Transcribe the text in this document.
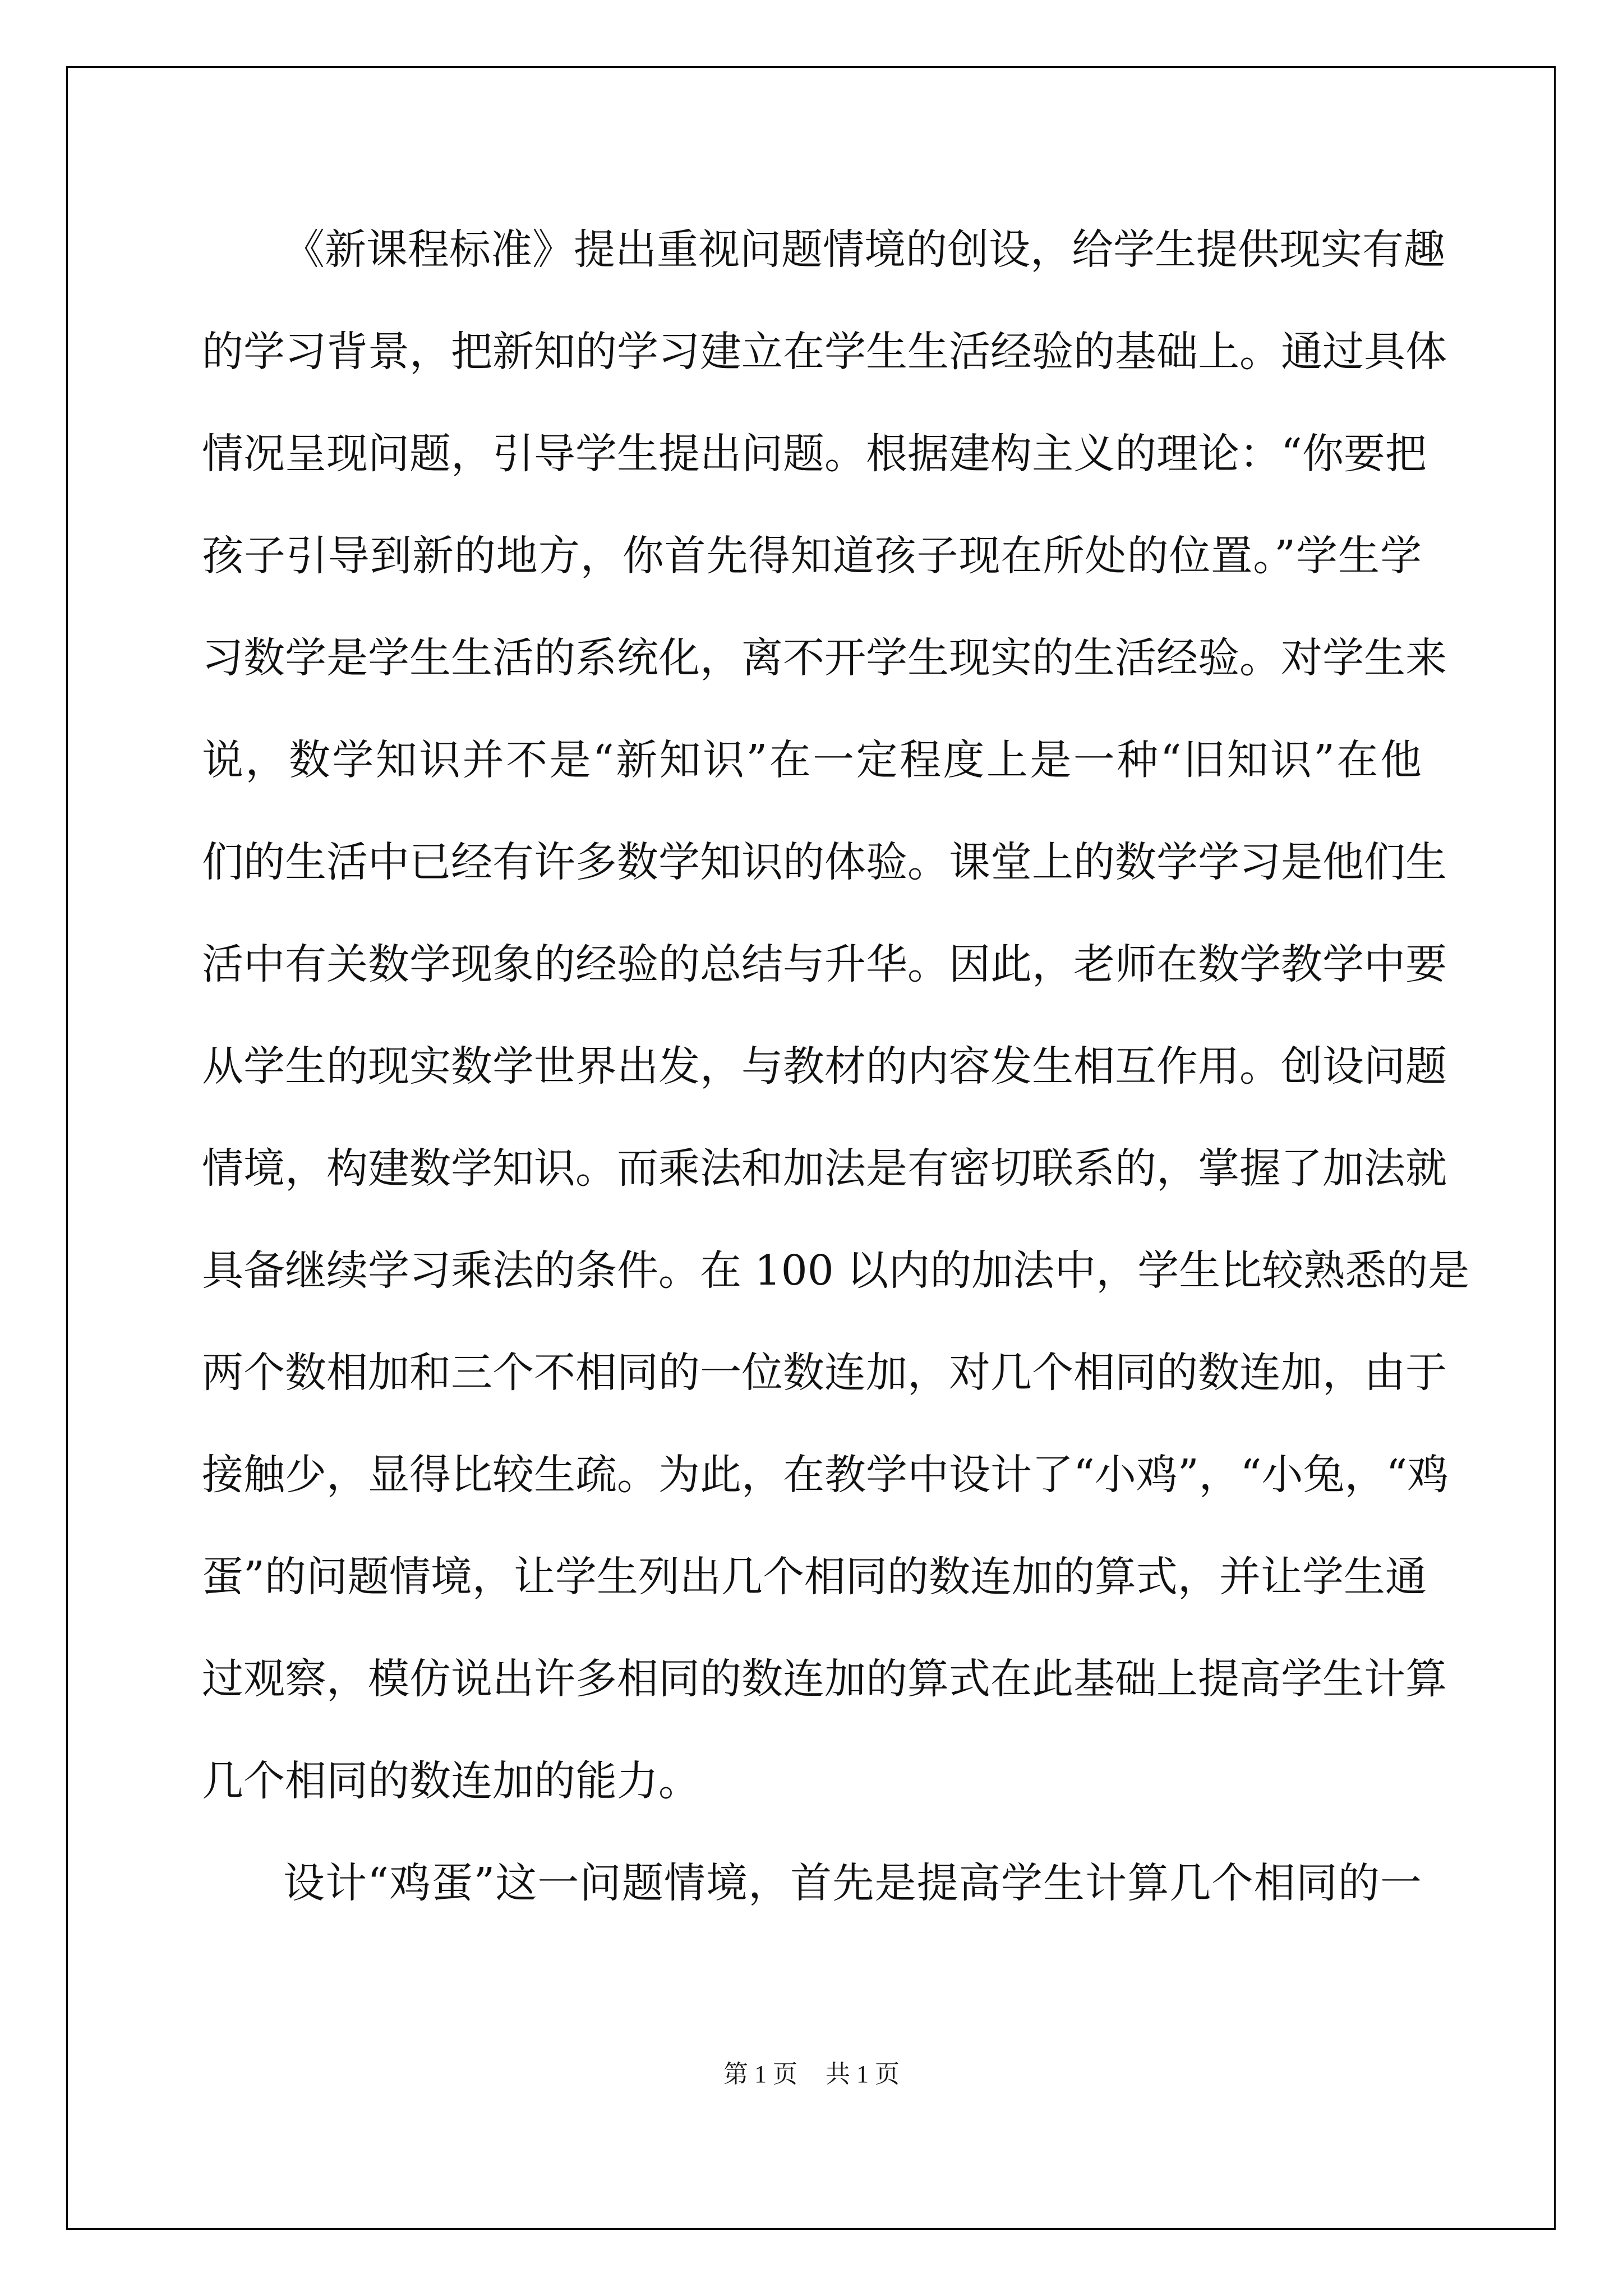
《新课程标准》提出重视问题情境的创设，给学生提供现实有趣
的学习背景，把新知的学习建立在学生生活经验的基础上。通过具体
情况呈现问题，引导学生提出问题。根据建构主义的理论：“你要把
孩子引导到新的地方，你首先得知道孩子现在所处的位置。”学生学
习数学是学生生活的系统化，离不开学生现实的生活经验。对学生来
说，数学知识并不是“新知识”在一定程度上是一种“旧知识”在他
们的生活中已经有许多数学知识的体验。课堂上的数学学习是他们生
活中有关数学现象的经验的总结与升华。因此，老师在数学教学中要
从学生的现实数学世界出发，与教材的内容发生相互作用。创设问题
情境，构建数学知识。而乘法和加法是有密切联系的，掌握了加法就
具备继续学习乘法的条件。在 100 以内的加法中，学生比较熟悉的是
两个数相加和三个不相同的一位数连加，对几个相同的数连加，由于
接触少，显得比较生疏。为此，在教学中设计了“小鸡”，“小兔，“鸡
蛋”的问题情境，让学生列出几个相同的数连加的算式，并让学生通
过观察，模仿说出许多相同的数连加的算式在此基础上提高学生计算
几个相同的数连加的能力。
设计“鸡蛋”这一问题情境，首先是提高学生计算几个相同的一
第 1 页 共 1 页
